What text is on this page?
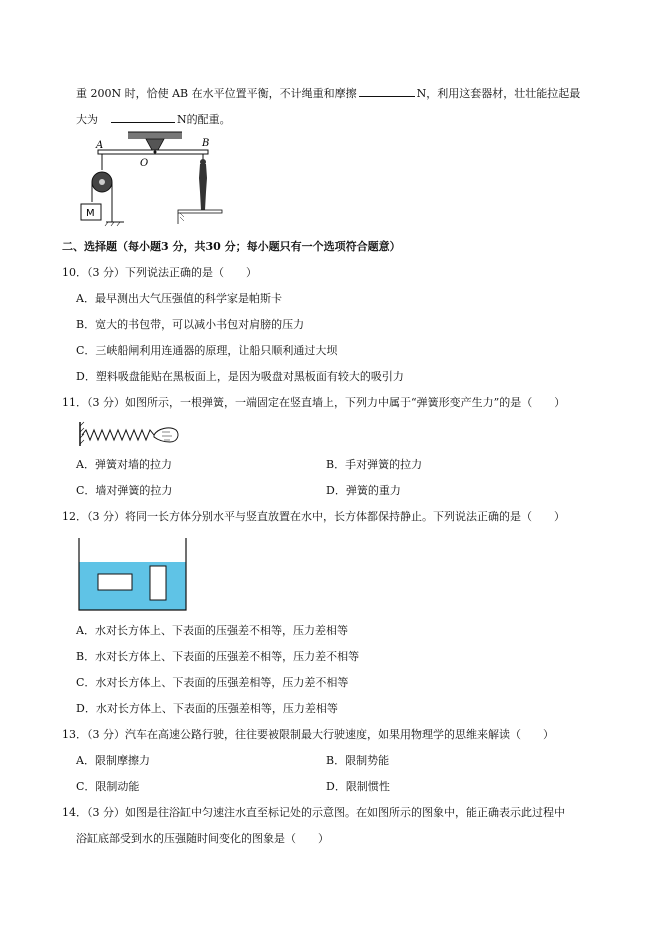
重 200N 时，恰使 AB 在水平位置平衡，不计绳重和摩擦	N，利用这套器材，壮壮能拉起最
大为　	N的配重。
A	B
O
M
二、选择题（每小题3 分，共30 分；每小题只有一个选项符合题意）
10．（3 分）下列说法正确的是（　　）
A．最早测出大气压强值的科学家是帕斯卡
B．宽大的书包带，可以减小书包对肩膀的压力
C．三峡船闸利用连通器的原理，让船只顺利通过大坝
D．塑料吸盘能贴在黑板面上，是因为吸盘对黑板面有较大的吸引力
11．（3 分）如图所示，一根弹簧，一端固定在竖直墙上，下列力中属于“弹簧形变产生力”的是（　　）
A．弹簧对墙的拉力	B．手对弹簧的拉力
C．墙对弹簧的拉力	D．弹簧的重力
12．（3 分）将同一长方体分别水平与竖直放置在水中，长方体都保持静止。下列说法正确的是（　　）
A．水对长方体上、下表面的压强差不相等，压力差相等
B．水对长方体上、下表面的压强差不相等，压力差不相等
C．水对长方体上、下表面的压强差相等，压力差不相等
D．水对长方体上、下表面的压强差相等，压力差相等
13．（3 分）汽车在高速公路行驶，往往要被限制最大行驶速度，如果用物理学的思维来解读（　　）
A．限制摩擦力	B．限制势能
C．限制动能	D．限制惯性
14．（3 分）如图是往浴缸中匀速注水直至标记处的示意图。在如图所示的图象中，能正确表示此过程中
浴缸底部受到水的压强随时间变化的图象是（　　）
